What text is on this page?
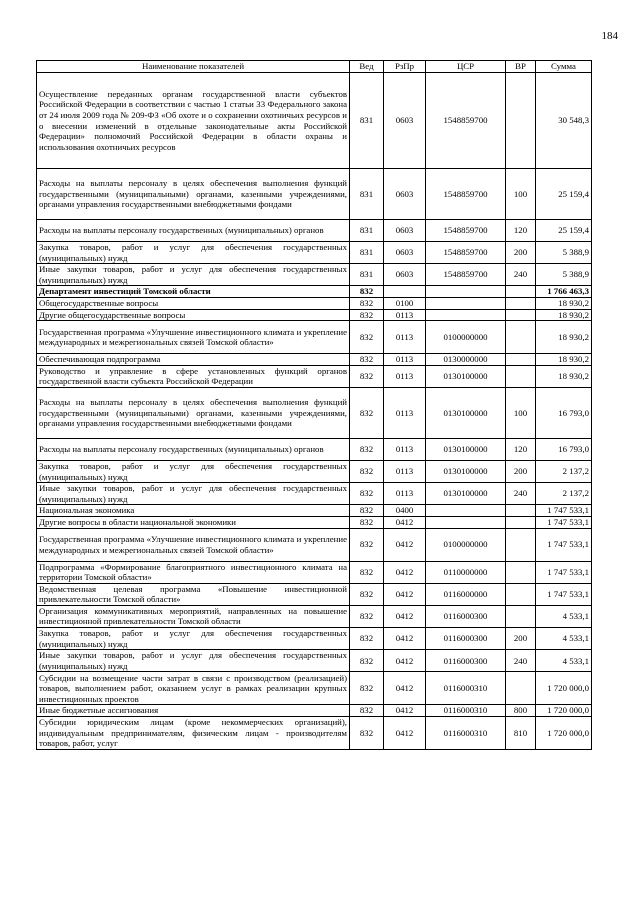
184
Наименование показателей	Вед	РзПр	ЦСР	ВР	Сумма
Осуществление переданных органам государственной власти субъектов Российской Федерации в соответствии с частью 1 статьи 33 Федерального закона от 24 июля 2009 года № 209-ФЗ «Об охоте и о сохранении охотничьих ресурсов и о внесении изменений в отдельные законодательные акты Российской Федерации» полномочий Российской Федерации в области охраны и использования охотничьих ресурсов	831	0603	1548859700		30 548,3
Расходы на выплаты персоналу в целях обеспечения выполнения функций государственными (муниципальными) органами, казенными учреждениями, органами управления государственными внебюджетными фондами	831	0603	1548859700	100	25 159,4
Расходы на выплаты персоналу государственных (муниципальных) органов	831	0603	1548859700	120	25 159,4
Закупка товаров, работ и услуг для обеспечения государственных (муниципальных) нужд	831	0603	1548859700	200	5 388,9
Иные закупки товаров, работ и услуг для обеспечения государственных (муниципальных) нужд	831	0603	1548859700	240	5 388,9
Департамент инвестиций Томской области	832				1 766 463,3
Общегосударственные вопросы	832	0100			18 930,2
Другие общегосударственные вопросы	832	0113			18 930,2
Государственная программа «Улучшение инвестиционного климата и укрепление международных и межрегиональных связей Томской области»	832	0113	0100000000		18 930,2
Обеспечивающая подпрограмма	832	0113	0130000000		18 930,2
Руководство и управление в сфере установленных функций органов государственной власти субъекта Российской Федерации	832	0113	0130100000		18 930,2
Расходы на выплаты персоналу в целях обеспечения выполнения функций государственными (муниципальными) органами, казенными учреждениями, органами управления государственными внебюджетными фондами	832	0113	0130100000	100	16 793,0
Расходы на выплаты персоналу государственных (муниципальных) органов	832	0113	0130100000	120	16 793,0
Закупка товаров, работ и услуг для обеспечения государственных (муниципальных) нужд	832	0113	0130100000	200	2 137,2
Иные закупки товаров, работ и услуг для обеспечения государственных (муниципальных) нужд	832	0113	0130100000	240	2 137,2
Национальная экономика	832	0400			1 747 533,1
Другие вопросы в области национальной экономики	832	0412			1 747 533,1
Государственная программа «Улучшение инвестиционного климата и укрепление международных и межрегиональных связей Томской области»	832	0412	0100000000		1 747 533,1
Подпрограмма «Формирование благоприятного инвестиционного климата на территории Томской области»	832	0412	0110000000		1 747 533,1
Ведомственная целевая программа «Повышение инвестиционной привлекательности Томской области»	832	0412	0116000000		1 747 533,1
Организация коммуникативных мероприятий, направленных на повышение инвестиционной привлекательности Томской области	832	0412	0116000300		4 533,1
Закупка товаров, работ и услуг для обеспечения государственных (муниципальных) нужд	832	0412	0116000300	200	4 533,1
Иные закупки товаров, работ и услуг для обеспечения государственных (муниципальных) нужд	832	0412	0116000300	240	4 533,1
Субсидии на возмещение части затрат в связи с производством (реализацией) товаров, выполнением работ, оказанием услуг в рамках реализации крупных инвестиционных проектов	832	0412	0116000310		1 720 000,0
Иные бюджетные ассигнования	832	0412	0116000310	800	1 720 000,0
Субсидии юридическим лицам (кроме некоммерческих организаций), индивидуальным предпринимателям, физическим лицам - производителям товаров, работ, услуг	832	0412	0116000310	810	1 720 000,0
